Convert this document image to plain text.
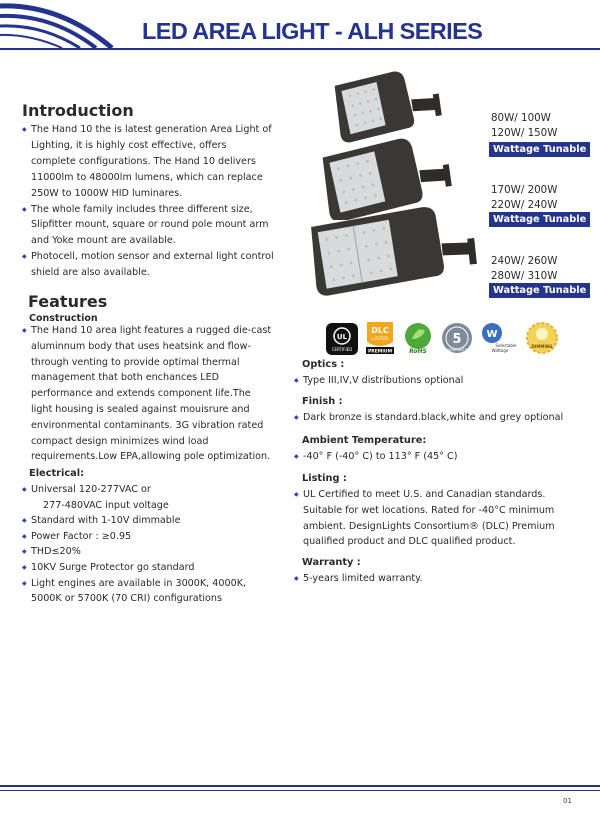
LED AREA LIGHT - ALH SERIES
Introduction
◆ The Hand 10 the is latest generation Area Light of Lighting, it is highly cost effective, offers complete configurations. The Hand 10 delivers 11000lm to 48000lm lumens, which can replace 250W to 1000W HID luminares.
◆ The whole family includes three different size, Slipfitter mount, square or round pole mount arm and Yoke mount are available.
◆ Photocell, motion sensor and external light control shield are also available.
Features
Construction
◆ The Hand 10 area light features a rugged die-cast aluminnum body that uses heatsink and flow-through venting to provide optimal thermal management that both enchances LED performance and extends component life.The light housing is sealed against mouisrure and environmental contaminants. 3G vibration rated compact design minimizes wind load requirements.Low EPA,allowing pole optimization.
Electrical:
◆ Universal 120-277VAC or
277-480VAC input voltage
◆ Standard with 1-10V dimmable
◆ Power Factor : ≥0.95
◆ THD≤20%
◆ 10KV Surge Protector go standard
◆ Light engines are available in 3000K, 4000K, 5000K or 5700K (70 CRI) configurations
80W/ 100W
120W/ 150W
Wattage Tunable
170W/ 200W
220W/ 240W
Wattage Tunable
240W/ 260W
280W/ 310W
Wattage Tunable
UL
CERTIFIED
DLC
LISTED
PREMIUM	RoHS
5
WARRANTY
W
Selectable
Wattage
DIMMING
Optics :
◆ Type III,IV,V distributions optional
Finish :
◆ Dark bronze is standard.black,white and grey optional
Ambient Temperature:
◆ -40° F (-40° C) to 113° F (45° C)
Listing :
◆ UL Certified to meet U.S. and Canadian standards. Suitable for wet locations. Rated for -40°C minimum ambient. DesignLights Consortium® (DLC) Premium qualified product and DLC qualified product.
Warranty :
◆ 5-years limited warranty.
01
